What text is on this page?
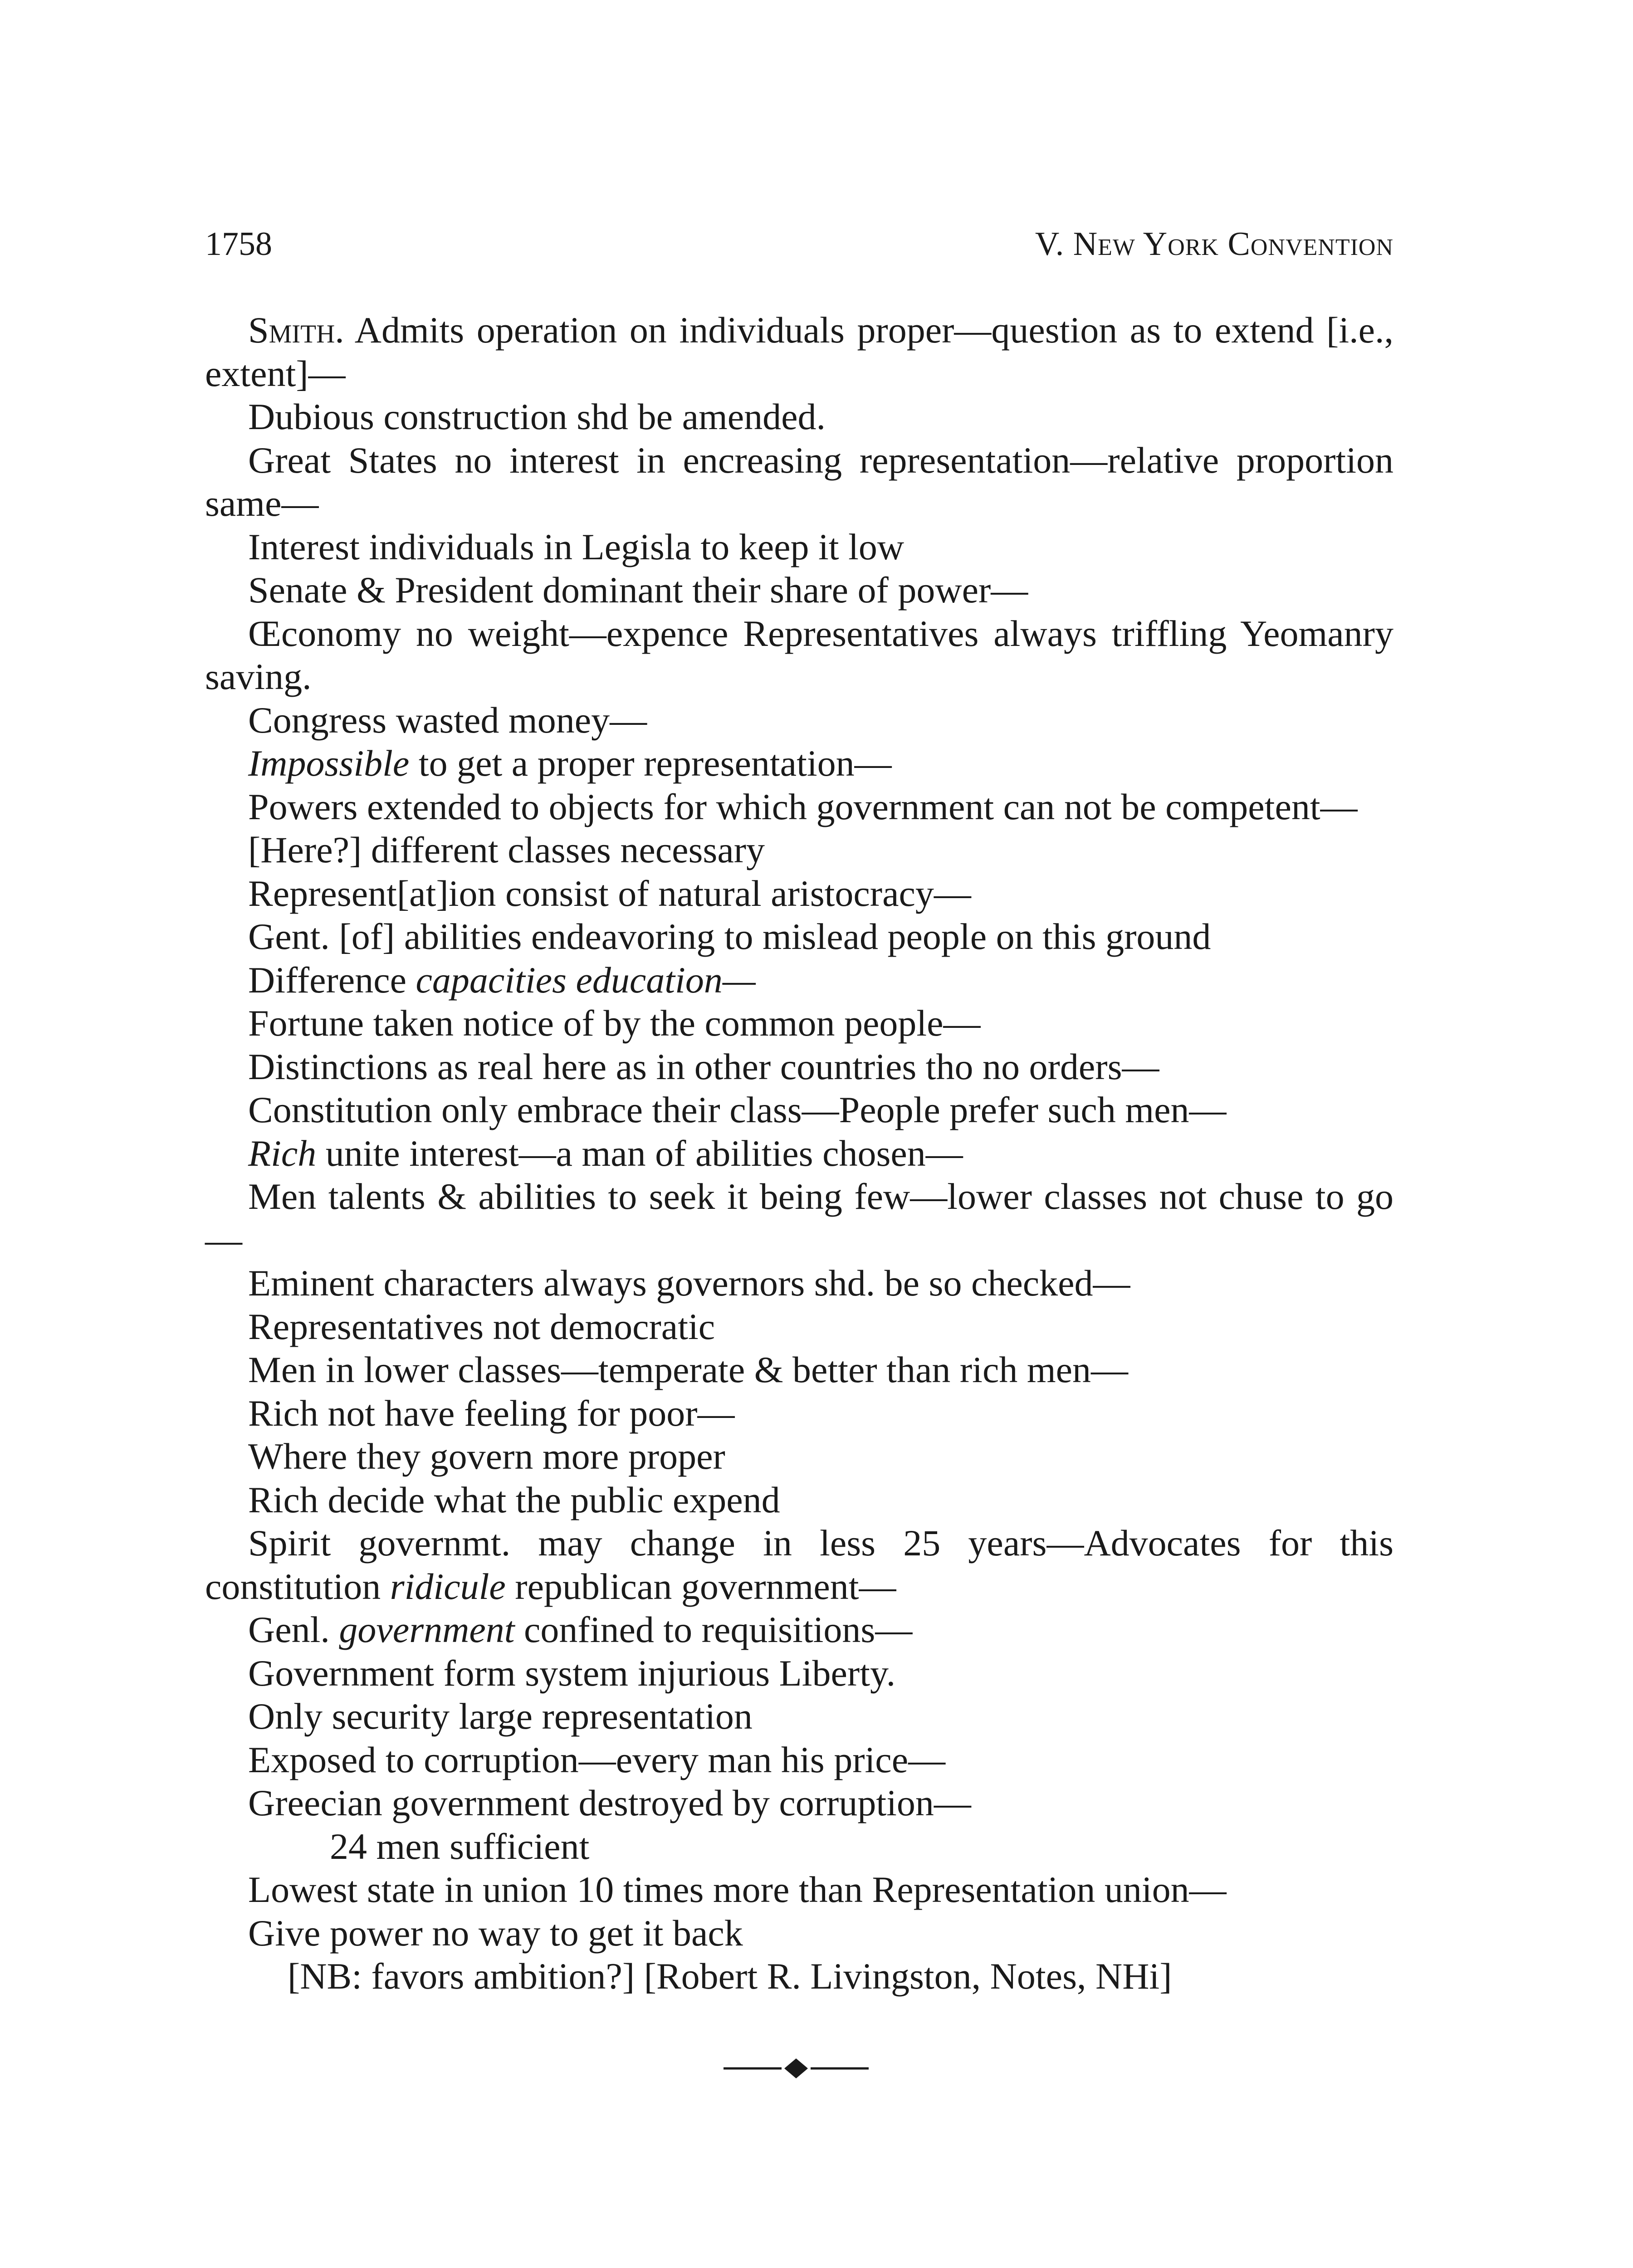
1758	V. New York Convention

Smith. Admits operation on individuals proper—question as to extend [i.e., extent]—

Dubious construction shd be amended.

Great States no interest in encreasing representation—relative proportion same—

Interest individuals in Legisla to keep it low

Senate & President dominant their share of power—

Œconomy no weight—expence Representatives always triffling Yeomanry saving.

Congress wasted money—

Impossible to get a proper representation—

Powers extended to objects for which government can not be competent—

[Here?] different classes necessary

Represent[at]ion consist of natural aristocracy—

Gent. [of] abilities endeavoring to mislead people on this ground

Difference capacities education—

Fortune taken notice of by the common people—

Distinctions as real here as in other countries tho no orders—

Constitution only embrace their class—People prefer such men—

Rich unite interest—a man of abilities chosen—

Men talents & abilities to seek it being few—lower classes not chuse to go—

Eminent characters always governors shd. be so checked—

Representatives not democratic

Men in lower classes—temperate & better than rich men—

Rich not have feeling for poor—

Where they govern more proper

Rich decide what the public expend

Spirit governmt. may change in less 25 years—Advocates for this constitution ridicule republican government—

Genl. government confined to requisitions—

Government form system injurious Liberty.

Only security large representation

Exposed to corruption—every man his price—

Greecian government destroyed by corruption—

24 men sufficient

Lowest state in union 10 times more than Representation union—

Give power no way to get it back

[NB: favors ambition?] [Robert R. Livingston, Notes, NHi]
